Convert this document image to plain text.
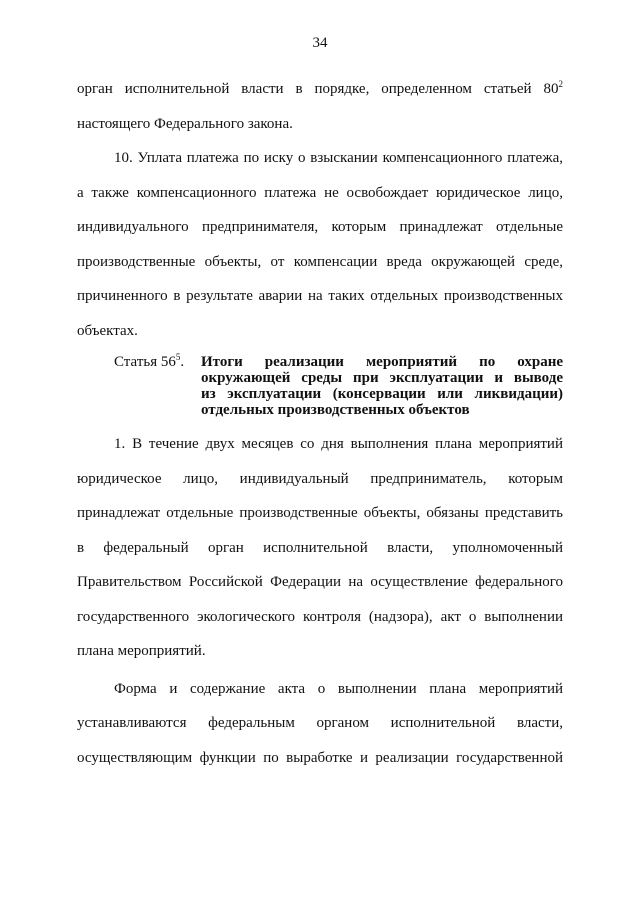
34

орган исполнительной власти в порядке, определенном статьей $80^2$
настоящего Федерального закона.

10. Уплата платежа по иску о взыскании компенсационного платежа,
а также компенсационного платежа не освобождает юридическое лицо,
индивидуального предпринимателя, которым принадлежат отдельные
производственные объекты, от компенсации вреда окружающей среде,
причиненного в результате аварии на таких отдельных производственных
объектах.

Статья $56^5$.	Итоги реализации мероприятий по охране
окружающей среды при эксплуатации и выводе
из эксплуатации (консервации или ликвидации)
отдельных производственных объектов

1. В течение двух месяцев со дня выполнения плана мероприятий
юридическое лицо, индивидуальный предприниматель, которым
принадлежат отдельные производственные объекты, обязаны представить
в федеральный орган исполнительной власти, уполномоченный
Правительством Российской Федерации на осуществление федерального
государственного экологического контроля (надзора), акт о выполнении
плана мероприятий.

Форма и содержание акта о выполнении плана мероприятий
устанавливаются федеральным органом исполнительной власти,
осуществляющим функции по выработке и реализации государственной
